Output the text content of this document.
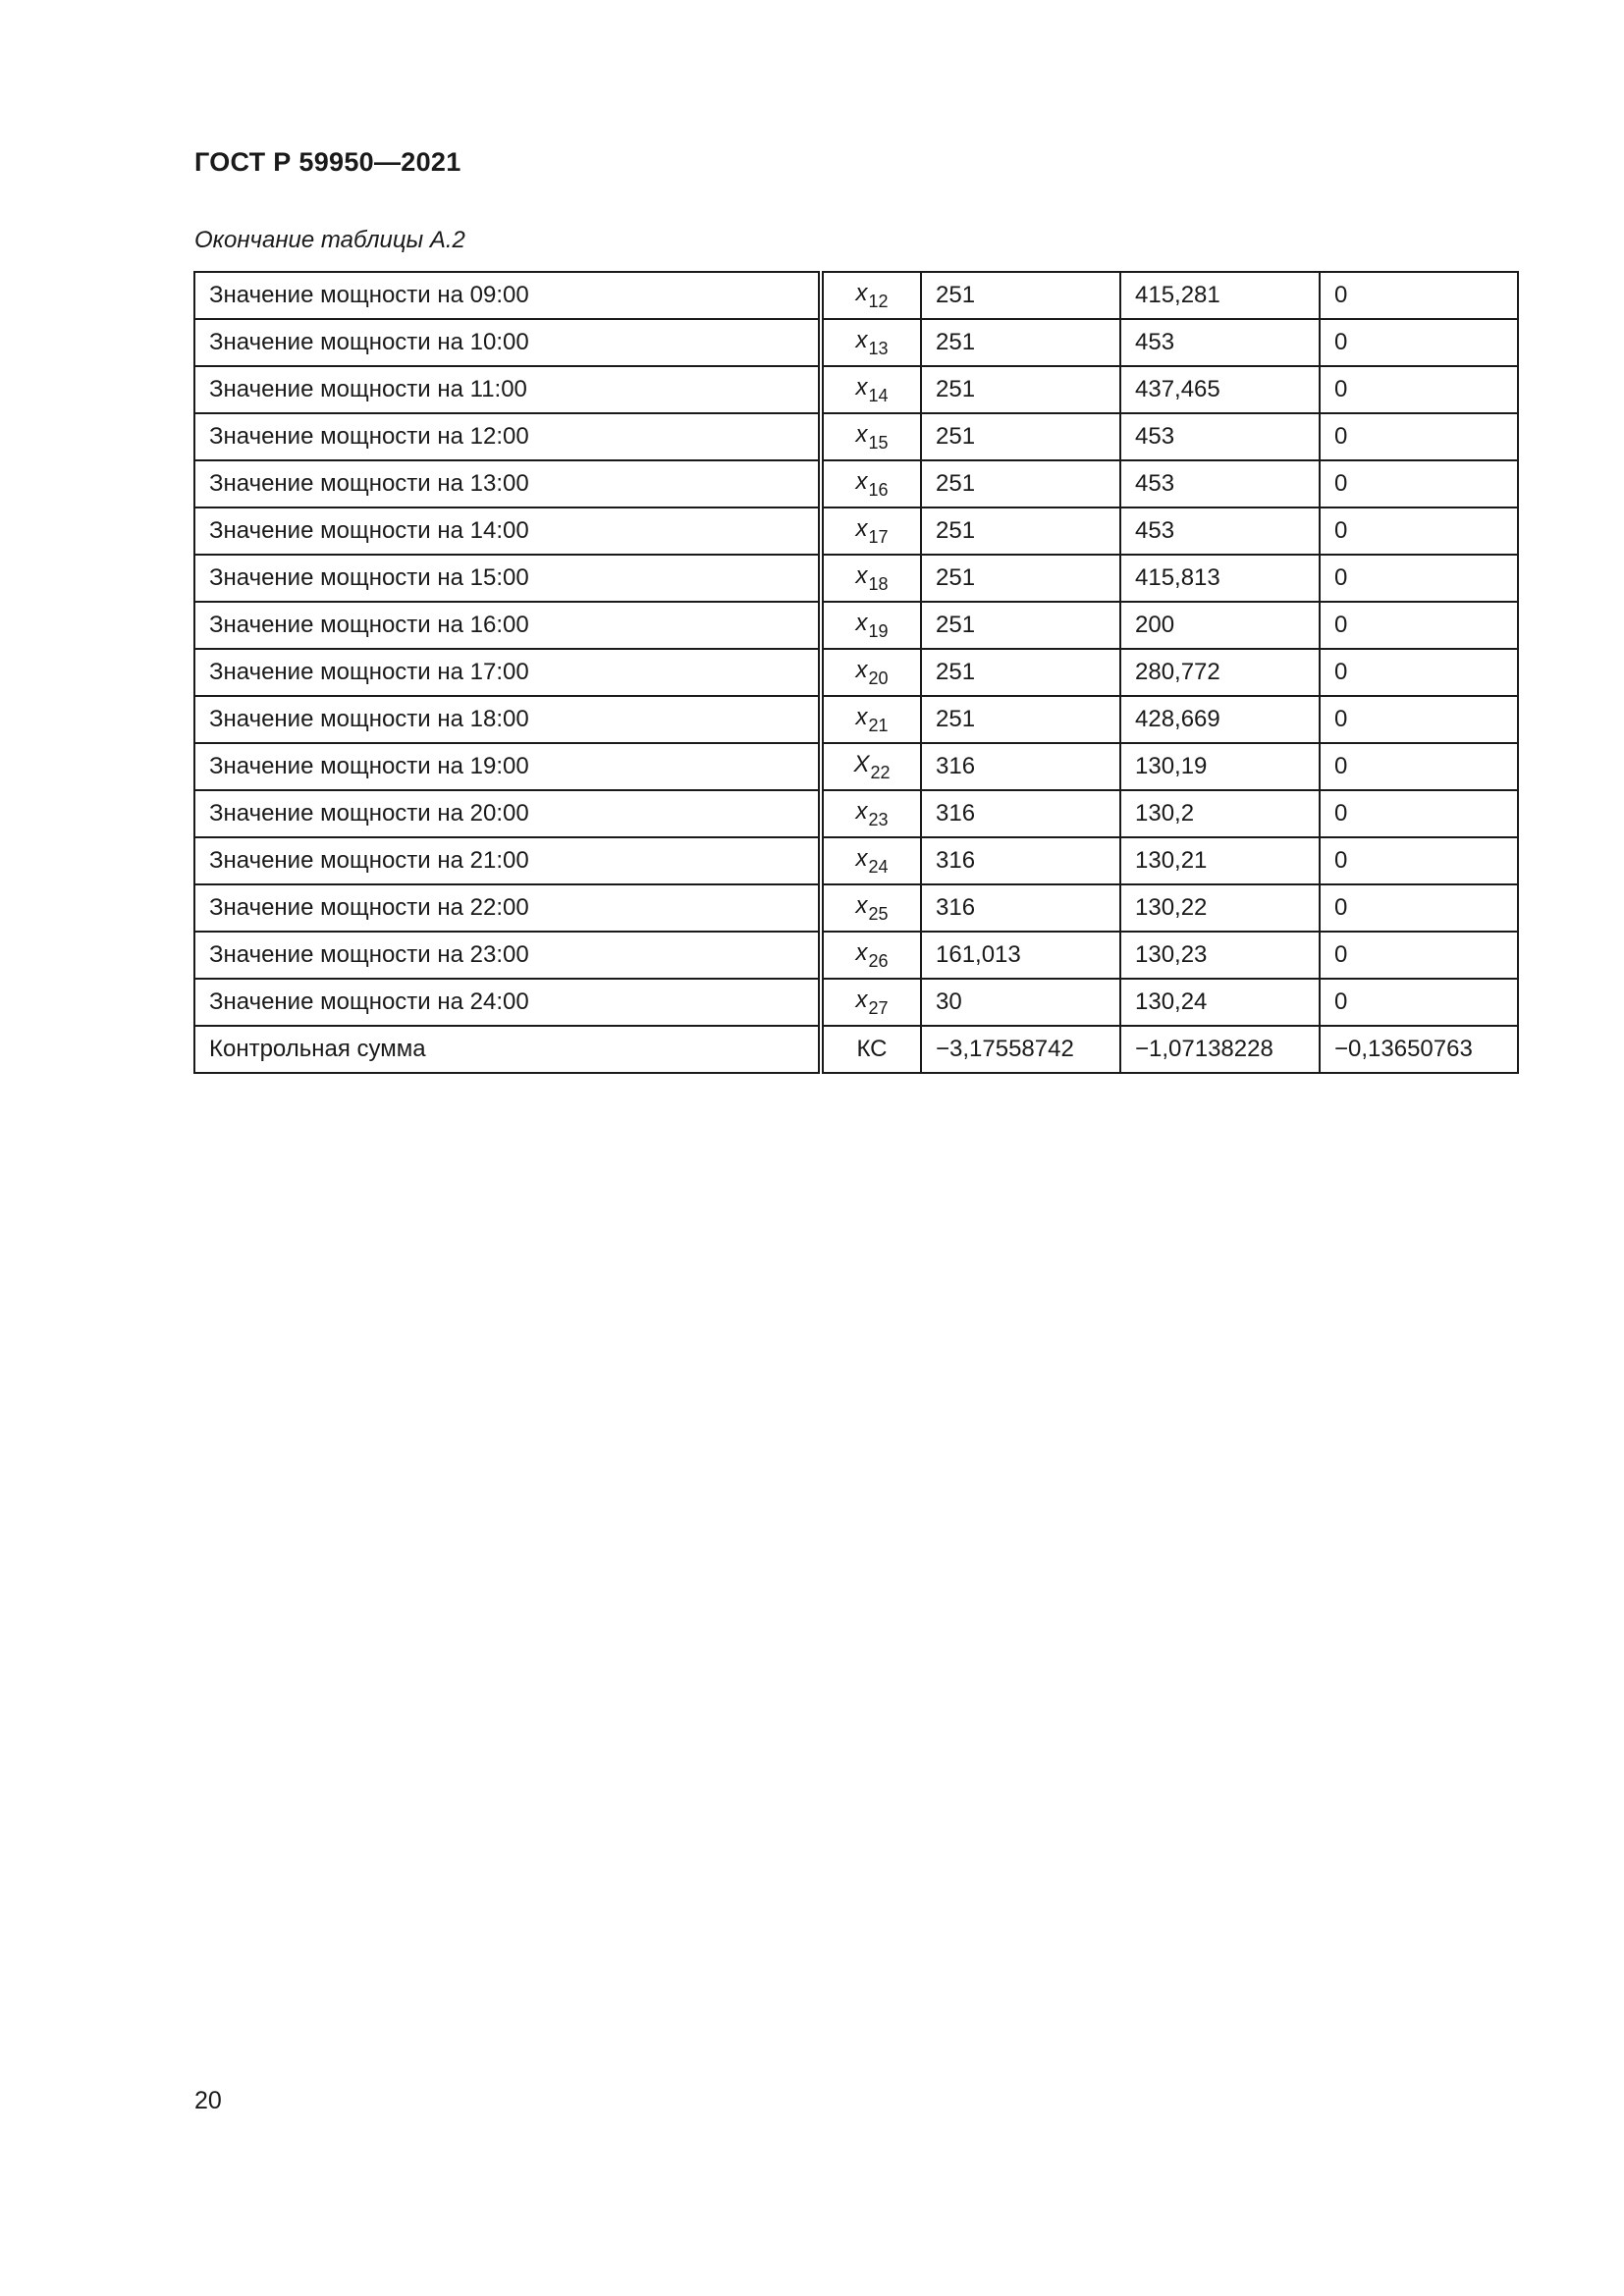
ГОСТ Р 59950—2021

Окончание таблицы А.2

Значение мощности на 09:00	$x_{12}$	251	415,281	0
Значение мощности на 10:00	$x_{13}$	251	453	0
Значение мощности на 11:00	$x_{14}$	251	437,465	0
Значение мощности на 12:00	$x_{15}$	251	453	0
Значение мощности на 13:00	$x_{16}$	251	453	0
Значение мощности на 14:00	$x_{17}$	251	453	0
Значение мощности на 15:00	$x_{18}$	251	415,813	0
Значение мощности на 16:00	$x_{19}$	251	200	0
Значение мощности на 17:00	$x_{20}$	251	280,772	0
Значение мощности на 18:00	$x_{21}$	251	428,669	0
Значение мощности на 19:00	$X_{22}$	316	130,19	0
Значение мощности на 20:00	$x_{23}$	316	130,2	0
Значение мощности на 21:00	$x_{24}$	316	130,21	0
Значение мощности на 22:00	$x_{25}$	316	130,22	0
Значение мощности на 23:00	$x_{26}$	161,013	130,23	0
Значение мощности на 24:00	$x_{27}$	30	130,24	0
Контрольная сумма	КС	−3,17558742	−1,07138228	−0,13650763

20
